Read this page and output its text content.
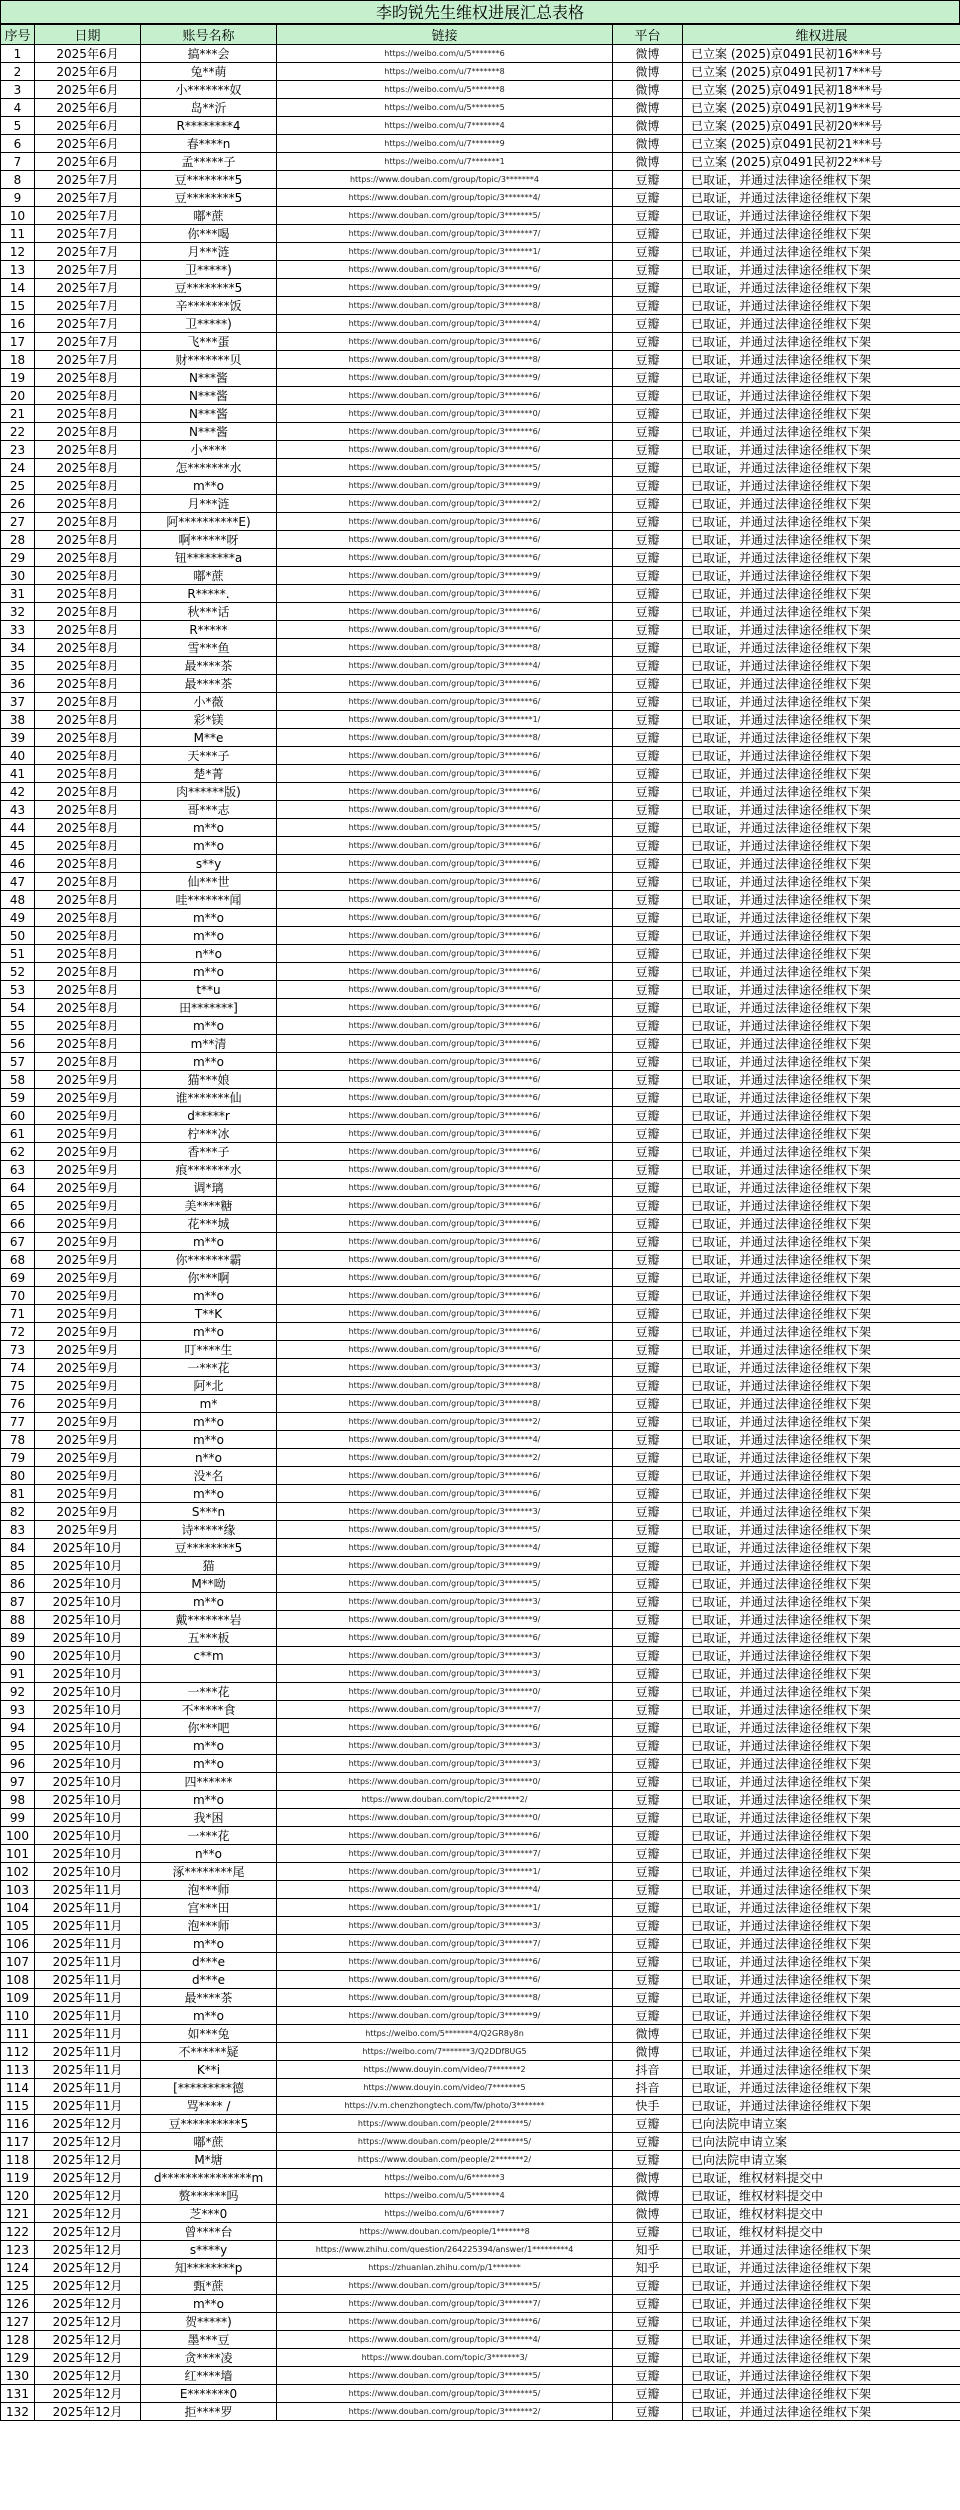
李昀锐先生维权进展汇总表格
序号	日期	账号名称	链接	平台	维权进展
1	2025年6月	搞***会	https://weibo.com/u/5*******6	微博	已立案 (2025)京0491民初16***号
2	2025年6月	兔**萌	https://weibo.com/u/7*******8	微博	已立案 (2025)京0491民初17***号
3	2025年6月	小*******奴	https://weibo.com/u/5*******8	微博	已立案 (2025)京0491民初18***号
4	2025年6月	岛**沂	https://weibo.com/u/5*******5	微博	已立案 (2025)京0491民初19***号
5	2025年6月	R********4	https://weibo.com/u/7*******4	微博	已立案 (2025)京0491民初20***号
6	2025年6月	春****n	https://weibo.com/u/7*******9	微博	已立案 (2025)京0491民初21***号
7	2025年6月	孟*****子	https://weibo.com/u/7*******1	微博	已立案 (2025)京0491民初22***号
8	2025年7月	豆********5	https://www.douban.com/group/topic/3*******4	豆瓣	已取证，并通过法律途径维权下架
9	2025年7月	豆********5	https://www.douban.com/group/topic/3*******4/	豆瓣	已取证，并通过法律途径维权下架
10	2025年7月	嘟*蔗	https://www.douban.com/group/topic/3*******5/	豆瓣	已取证，并通过法律途径维权下架
11	2025年7月	你***喝	https://www.douban.com/group/topic/3*******7/	豆瓣	已取证，并通过法律途径维权下架
12	2025年7月	月***涟	https://www.douban.com/group/topic/3*******1/	豆瓣	已取证，并通过法律途径维权下架
13	2025年7月	卫*****)	https://www.douban.com/group/topic/3*******6/	豆瓣	已取证，并通过法律途径维权下架
14	2025年7月	豆********5	https://www.douban.com/group/topic/3*******9/	豆瓣	已取证，并通过法律途径维权下架
15	2025年7月	辛*******饭	https://www.douban.com/group/topic/3*******8/	豆瓣	已取证，并通过法律途径维权下架
16	2025年7月	卫*****)	https://www.douban.com/group/topic/3*******4/	豆瓣	已取证，并通过法律途径维权下架
17	2025年7月	飞***蛋	https://www.douban.com/group/topic/3*******6/	豆瓣	已取证，并通过法律途径维权下架
18	2025年7月	财*******贝	https://www.douban.com/group/topic/3*******8/	豆瓣	已取证，并通过法律途径维权下架
19	2025年8月	N***酱	https://www.douban.com/group/topic/3*******9/	豆瓣	已取证，并通过法律途径维权下架
20	2025年8月	N***酱	https://www.douban.com/group/topic/3*******6/	豆瓣	已取证，并通过法律途径维权下架
21	2025年8月	N***酱	https://www.douban.com/group/topic/3*******0/	豆瓣	已取证，并通过法律途径维权下架
22	2025年8月	N***酱	https://www.douban.com/group/topic/3*******6/	豆瓣	已取证，并通过法律途径维权下架
23	2025年8月	小****	https://www.douban.com/group/topic/3*******6/	豆瓣	已取证，并通过法律途径维权下架
24	2025年8月	怎*******水	https://www.douban.com/group/topic/3*******5/	豆瓣	已取证，并通过法律途径维权下架
25	2025年8月	m**o	https://www.douban.com/group/topic/3*******9/	豆瓣	已取证，并通过法律途径维权下架
26	2025年8月	月***涟	https://www.douban.com/group/topic/3*******2/	豆瓣	已取证，并通过法律途径维权下架
27	2025年8月	阿**********E)	https://www.douban.com/group/topic/3*******6/	豆瓣	已取证，并通过法律途径维权下架
28	2025年8月	啊******呀	https://www.douban.com/group/topic/3*******6/	豆瓣	已取证，并通过法律途径维权下架
29	2025年8月	钮********a	https://www.douban.com/group/topic/3*******6/	豆瓣	已取证，并通过法律途径维权下架
30	2025年8月	嘟*蔗	https://www.douban.com/group/topic/3*******9/	豆瓣	已取证，并通过法律途径维权下架
31	2025年8月	R*****.	https://www.douban.com/group/topic/3*******6/	豆瓣	已取证，并通过法律途径维权下架
32	2025年8月	秋***话	https://www.douban.com/group/topic/3*******6/	豆瓣	已取证，并通过法律途径维权下架
33	2025年8月	R*****	https://www.douban.com/group/topic/3*******6/	豆瓣	已取证，并通过法律途径维权下架
34	2025年8月	雪***鱼	https://www.douban.com/group/topic/3*******8/	豆瓣	已取证，并通过法律途径维权下架
35	2025年8月	最****茶	https://www.douban.com/group/topic/3*******4/	豆瓣	已取证，并通过法律途径维权下架
36	2025年8月	最****茶	https://www.douban.com/group/topic/3*******6/	豆瓣	已取证，并通过法律途径维权下架
37	2025年8月	小*薇	https://www.douban.com/group/topic/3*******6/	豆瓣	已取证，并通过法律途径维权下架
38	2025年8月	彩*镁	https://www.douban.com/group/topic/3*******1/	豆瓣	已取证，并通过法律途径维权下架
39	2025年8月	M**e	https://www.douban.com/group/topic/3*******8/	豆瓣	已取证，并通过法律途径维权下架
40	2025年8月	天***子	https://www.douban.com/group/topic/3*******6/	豆瓣	已取证，并通过法律途径维权下架
41	2025年8月	楚*菁	https://www.douban.com/group/topic/3*******6/	豆瓣	已取证，并通过法律途径维权下架
42	2025年8月	肉******版)	https://www.douban.com/group/topic/3*******6/	豆瓣	已取证，并通过法律途径维权下架
43	2025年8月	哥***志	https://www.douban.com/group/topic/3*******6/	豆瓣	已取证，并通过法律途径维权下架
44	2025年8月	m**o	https://www.douban.com/group/topic/3*******5/	豆瓣	已取证，并通过法律途径维权下架
45	2025年8月	m**o	https://www.douban.com/group/topic/3*******6/	豆瓣	已取证，并通过法律途径维权下架
46	2025年8月	s**y	https://www.douban.com/group/topic/3*******6/	豆瓣	已取证，并通过法律途径维权下架
47	2025年8月	仙***世	https://www.douban.com/group/topic/3*******6/	豆瓣	已取证，并通过法律途径维权下架
48	2025年8月	哇*******闻	https://www.douban.com/group/topic/3*******6/	豆瓣	已取证，并通过法律途径维权下架
49	2025年8月	m**o	https://www.douban.com/group/topic/3*******6/	豆瓣	已取证，并通过法律途径维权下架
50	2025年8月	m**o	https://www.douban.com/group/topic/3*******6/	豆瓣	已取证，并通过法律途径维权下架
51	2025年8月	n**o	https://www.douban.com/group/topic/3*******6/	豆瓣	已取证，并通过法律途径维权下架
52	2025年8月	m**o	https://www.douban.com/group/topic/3*******6/	豆瓣	已取证，并通过法律途径维权下架
53	2025年8月	t**u	https://www.douban.com/group/topic/3*******6/	豆瓣	已取证，并通过法律途径维权下架
54	2025年8月	田*******]	https://www.douban.com/group/topic/3*******6/	豆瓣	已取证，并通过法律途径维权下架
55	2025年8月	m**o	https://www.douban.com/group/topic/3*******6/	豆瓣	已取证，并通过法律途径维权下架
56	2025年8月	m**清	https://www.douban.com/group/topic/3*******6/	豆瓣	已取证，并通过法律途径维权下架
57	2025年8月	m**o	https://www.douban.com/group/topic/3*******6/	豆瓣	已取证，并通过法律途径维权下架
58	2025年9月	猫***娘	https://www.douban.com/group/topic/3*******6/	豆瓣	已取证，并通过法律途径维权下架
59	2025年9月	谁*******仙	https://www.douban.com/group/topic/3*******6/	豆瓣	已取证，并通过法律途径维权下架
60	2025年9月	d*****r	https://www.douban.com/group/topic/3*******6/	豆瓣	已取证，并通过法律途径维权下架
61	2025年9月	柠***冰	https://www.douban.com/group/topic/3*******6/	豆瓣	已取证，并通过法律途径维权下架
62	2025年9月	香***子	https://www.douban.com/group/topic/3*******6/	豆瓣	已取证，并通过法律途径维权下架
63	2025年9月	痕*******水	https://www.douban.com/group/topic/3*******6/	豆瓣	已取证，并通过法律途径维权下架
64	2025年9月	调*璃	https://www.douban.com/group/topic/3*******6/	豆瓣	已取证，并通过法律途径维权下架
65	2025年9月	美****糖	https://www.douban.com/group/topic/3*******6/	豆瓣	已取证，并通过法律途径维权下架
66	2025年9月	花***城	https://www.douban.com/group/topic/3*******6/	豆瓣	已取证，并通过法律途径维权下架
67	2025年9月	m**o	https://www.douban.com/group/topic/3*******6/	豆瓣	已取证，并通过法律途径维权下架
68	2025年9月	你*******霸	https://www.douban.com/group/topic/3*******6/	豆瓣	已取证，并通过法律途径维权下架
69	2025年9月	你***啊	https://www.douban.com/group/topic/3*******6/	豆瓣	已取证，并通过法律途径维权下架
70	2025年9月	m**o	https://www.douban.com/group/topic/3*******6/	豆瓣	已取证，并通过法律途径维权下架
71	2025年9月	T**K	https://www.douban.com/group/topic/3*******6/	豆瓣	已取证，并通过法律途径维权下架
72	2025年9月	m**o	https://www.douban.com/group/topic/3*******6/	豆瓣	已取证，并通过法律途径维权下架
73	2025年9月	叮****生	https://www.douban.com/group/topic/3*******6/	豆瓣	已取证，并通过法律途径维权下架
74	2025年9月	一***花	https://www.douban.com/group/topic/3*******3/	豆瓣	已取证，并通过法律途径维权下架
75	2025年9月	阿*北	https://www.douban.com/group/topic/3*******8/	豆瓣	已取证，并通过法律途径维权下架
76	2025年9月	m*	https://www.douban.com/group/topic/3*******8/	豆瓣	已取证，并通过法律途径维权下架
77	2025年9月	m**o	https://www.douban.com/group/topic/3*******2/	豆瓣	已取证，并通过法律途径维权下架
78	2025年9月	m**o	https://www.douban.com/group/topic/3*******4/	豆瓣	已取证，并通过法律途径维权下架
79	2025年9月	n**o	https://www.douban.com/group/topic/3*******2/	豆瓣	已取证，并通过法律途径维权下架
80	2025年9月	没*名	https://www.douban.com/group/topic/3*******6/	豆瓣	已取证，并通过法律途径维权下架
81	2025年9月	m**o	https://www.douban.com/group/topic/3*******6/	豆瓣	已取证，并通过法律途径维权下架
82	2025年9月	S***n	https://www.douban.com/group/topic/3*******3/	豆瓣	已取证，并通过法律途径维权下架
83	2025年9月	诗*****缘	https://www.douban.com/group/topic/3*******5/	豆瓣	已取证，并通过法律途径维权下架
84	2025年10月	豆********5	https://www.douban.com/group/topic/3*******4/	豆瓣	已取证，并通过法律途径维权下架
85	2025年10月	猫	https://www.douban.com/group/topic/3*******9/	豆瓣	已取证，并通过法律途径维权下架
86	2025年10月	M**呦	https://www.douban.com/group/topic/3*******5/	豆瓣	已取证，并通过法律途径维权下架
87	2025年10月	m**o	https://www.douban.com/group/topic/3*******3/	豆瓣	已取证，并通过法律途径维权下架
88	2025年10月	戴*******岩	https://www.douban.com/group/topic/3*******9/	豆瓣	已取证，并通过法律途径维权下架
89	2025年10月	五***板	https://www.douban.com/group/topic/3*******6/	豆瓣	已取证，并通过法律途径维权下架
90	2025年10月	c**m	https://www.douban.com/group/topic/3*******3/	豆瓣	已取证，并通过法律途径维权下架
91	2025年10月		https://www.douban.com/group/topic/3*******3/	豆瓣	已取证，并通过法律途径维权下架
92	2025年10月	一***花	https://www.douban.com/group/topic/3*******0/	豆瓣	已取证，并通过法律途径维权下架
93	2025年10月	不*****食	https://www.douban.com/group/topic/3*******7/	豆瓣	已取证，并通过法律途径维权下架
94	2025年10月	你***吧	https://www.douban.com/group/topic/3*******6/	豆瓣	已取证，并通过法律途径维权下架
95	2025年10月	m**o	https://www.douban.com/group/topic/3*******3/	豆瓣	已取证，并通过法律途径维权下架
96	2025年10月	m**o	https://www.douban.com/group/topic/3*******3/	豆瓣	已取证，并通过法律途径维权下架
97	2025年10月	四******	https://www.douban.com/group/topic/3*******0/	豆瓣	已取证，并通过法律途径维权下架
98	2025年10月	m**o	https://www.douban.com/topic/2*******2/	豆瓣	已取证，并通过法律途径维权下架
99	2025年10月	我*困	https://www.douban.com/group/topic/3*******0/	豆瓣	已取证，并通过法律途径维权下架
100	2025年10月	一***花	https://www.douban.com/group/topic/3*******6/	豆瓣	已取证，并通过法律途径维权下架
101	2025年10月	n**o	https://www.douban.com/group/topic/3*******7/	豆瓣	已取证，并通过法律途径维权下架
102	2025年10月	涿********尾	https://www.douban.com/group/topic/3*******1/	豆瓣	已取证，并通过法律途径维权下架
103	2025年11月	泡***师	https://www.douban.com/group/topic/3*******4/	豆瓣	已取证，并通过法律途径维权下架
104	2025年11月	宫***田	https://www.douban.com/group/topic/3*******1/	豆瓣	已取证，并通过法律途径维权下架
105	2025年11月	泡***师	https://www.douban.com/group/topic/3*******3/	豆瓣	已取证，并通过法律途径维权下架
106	2025年11月	m**o	https://www.douban.com/group/topic/3*******7/	豆瓣	已取证，并通过法律途径维权下架
107	2025年11月	d***e	https://www.douban.com/group/topic/3*******6/	豆瓣	已取证，并通过法律途径维权下架
108	2025年11月	d***e	https://www.douban.com/group/topic/3*******6/	豆瓣	已取证，并通过法律途径维权下架
109	2025年11月	最****茶	https://www.douban.com/group/topic/3*******8/	豆瓣	已取证，并通过法律途径维权下架
110	2025年11月	m**o	https://www.douban.com/group/topic/3*******9/	豆瓣	已取证，并通过法律途径维权下架
111	2025年11月	如***兔	https://weibo.com/5*******4/Q2GR8y8n	微博	已取证，并通过法律途径维权下架
112	2025年11月	不******疑	https://weibo.com/7*******3/Q2DDf8UG5	微博	已取证，并通过法律途径维权下架
113	2025年11月	K**i	https://www.douyin.com/video/7*******2	抖音	已取证，并通过法律途径维权下架
114	2025年11月	[*********德	https://www.douyin.com/video/7*******5	抖音	已取证，并通过法律途径维权下架
115	2025年11月	骂**** /	https://v.m.chenzhongtech.com/fw/photo/3*******	快手	已取证，并通过法律途径维权下架
116	2025年12月	豆**********5	https://www.douban.com/people/2*******5/	豆瓣	已向法院申请立案
117	2025年12月	嘟*蔗	https://www.douban.com/people/2*******5/	豆瓣	已向法院申请立案
118	2025年12月	M*塘	https://www.douban.com/people/2*******2/	豆瓣	已向法院申请立案
119	2025年12月	d***************m	https://weibo.com/u/6*******3	微博	已取证，维权材料提交中
120	2025年12月	赘******吗	https://weibo.com/u/5*******4	微博	已取证，维权材料提交中
121	2025年12月	芝***0	https://weibo.com/u/6*******7	微博	已取证，维权材料提交中
122	2025年12月	曾****台	https://www.douban.com/people/1*******8	豆瓣	已取证，维权材料提交中
123	2025年12月	s****y	https://www.zhihu.com/question/264225394/answer/1*********4	知乎	已取证，并通过法律途径维权下架
124	2025年12月	知********p	https://zhuanlan.zhihu.com/p/1*******	知乎	已取证，并通过法律途径维权下架
125	2025年12月	甄*蔗	https://www.douban.com/group/topic/3*******5/	豆瓣	已取证，并通过法律途径维权下架
126	2025年12月	m**o	https://www.douban.com/group/topic/3*******7/	豆瓣	已取证，并通过法律途径维权下架
127	2025年12月	贺*****)	https://www.douban.com/group/topic/3*******6/	豆瓣	已取证，并通过法律途径维权下架
128	2025年12月	墨***豆	https://www.douban.com/group/topic/3*******4/	豆瓣	已取证，并通过法律途径维权下架
129	2025年12月	贪****凌	https://www.douban.com/topic/3*******3/	豆瓣	已取证，并通过法律途径维权下架
130	2025年12月	红****墙	https://www.douban.com/group/topic/3*******5/	豆瓣	已取证，并通过法律途径维权下架
131	2025年12月	E*******0	https://www.douban.com/group/topic/3*******5/	豆瓣	已取证，并通过法律途径维权下架
132	2025年12月	拒****罗	https://www.douban.com/group/topic/3*******2/	豆瓣	已取证，并通过法律途径维权下架
